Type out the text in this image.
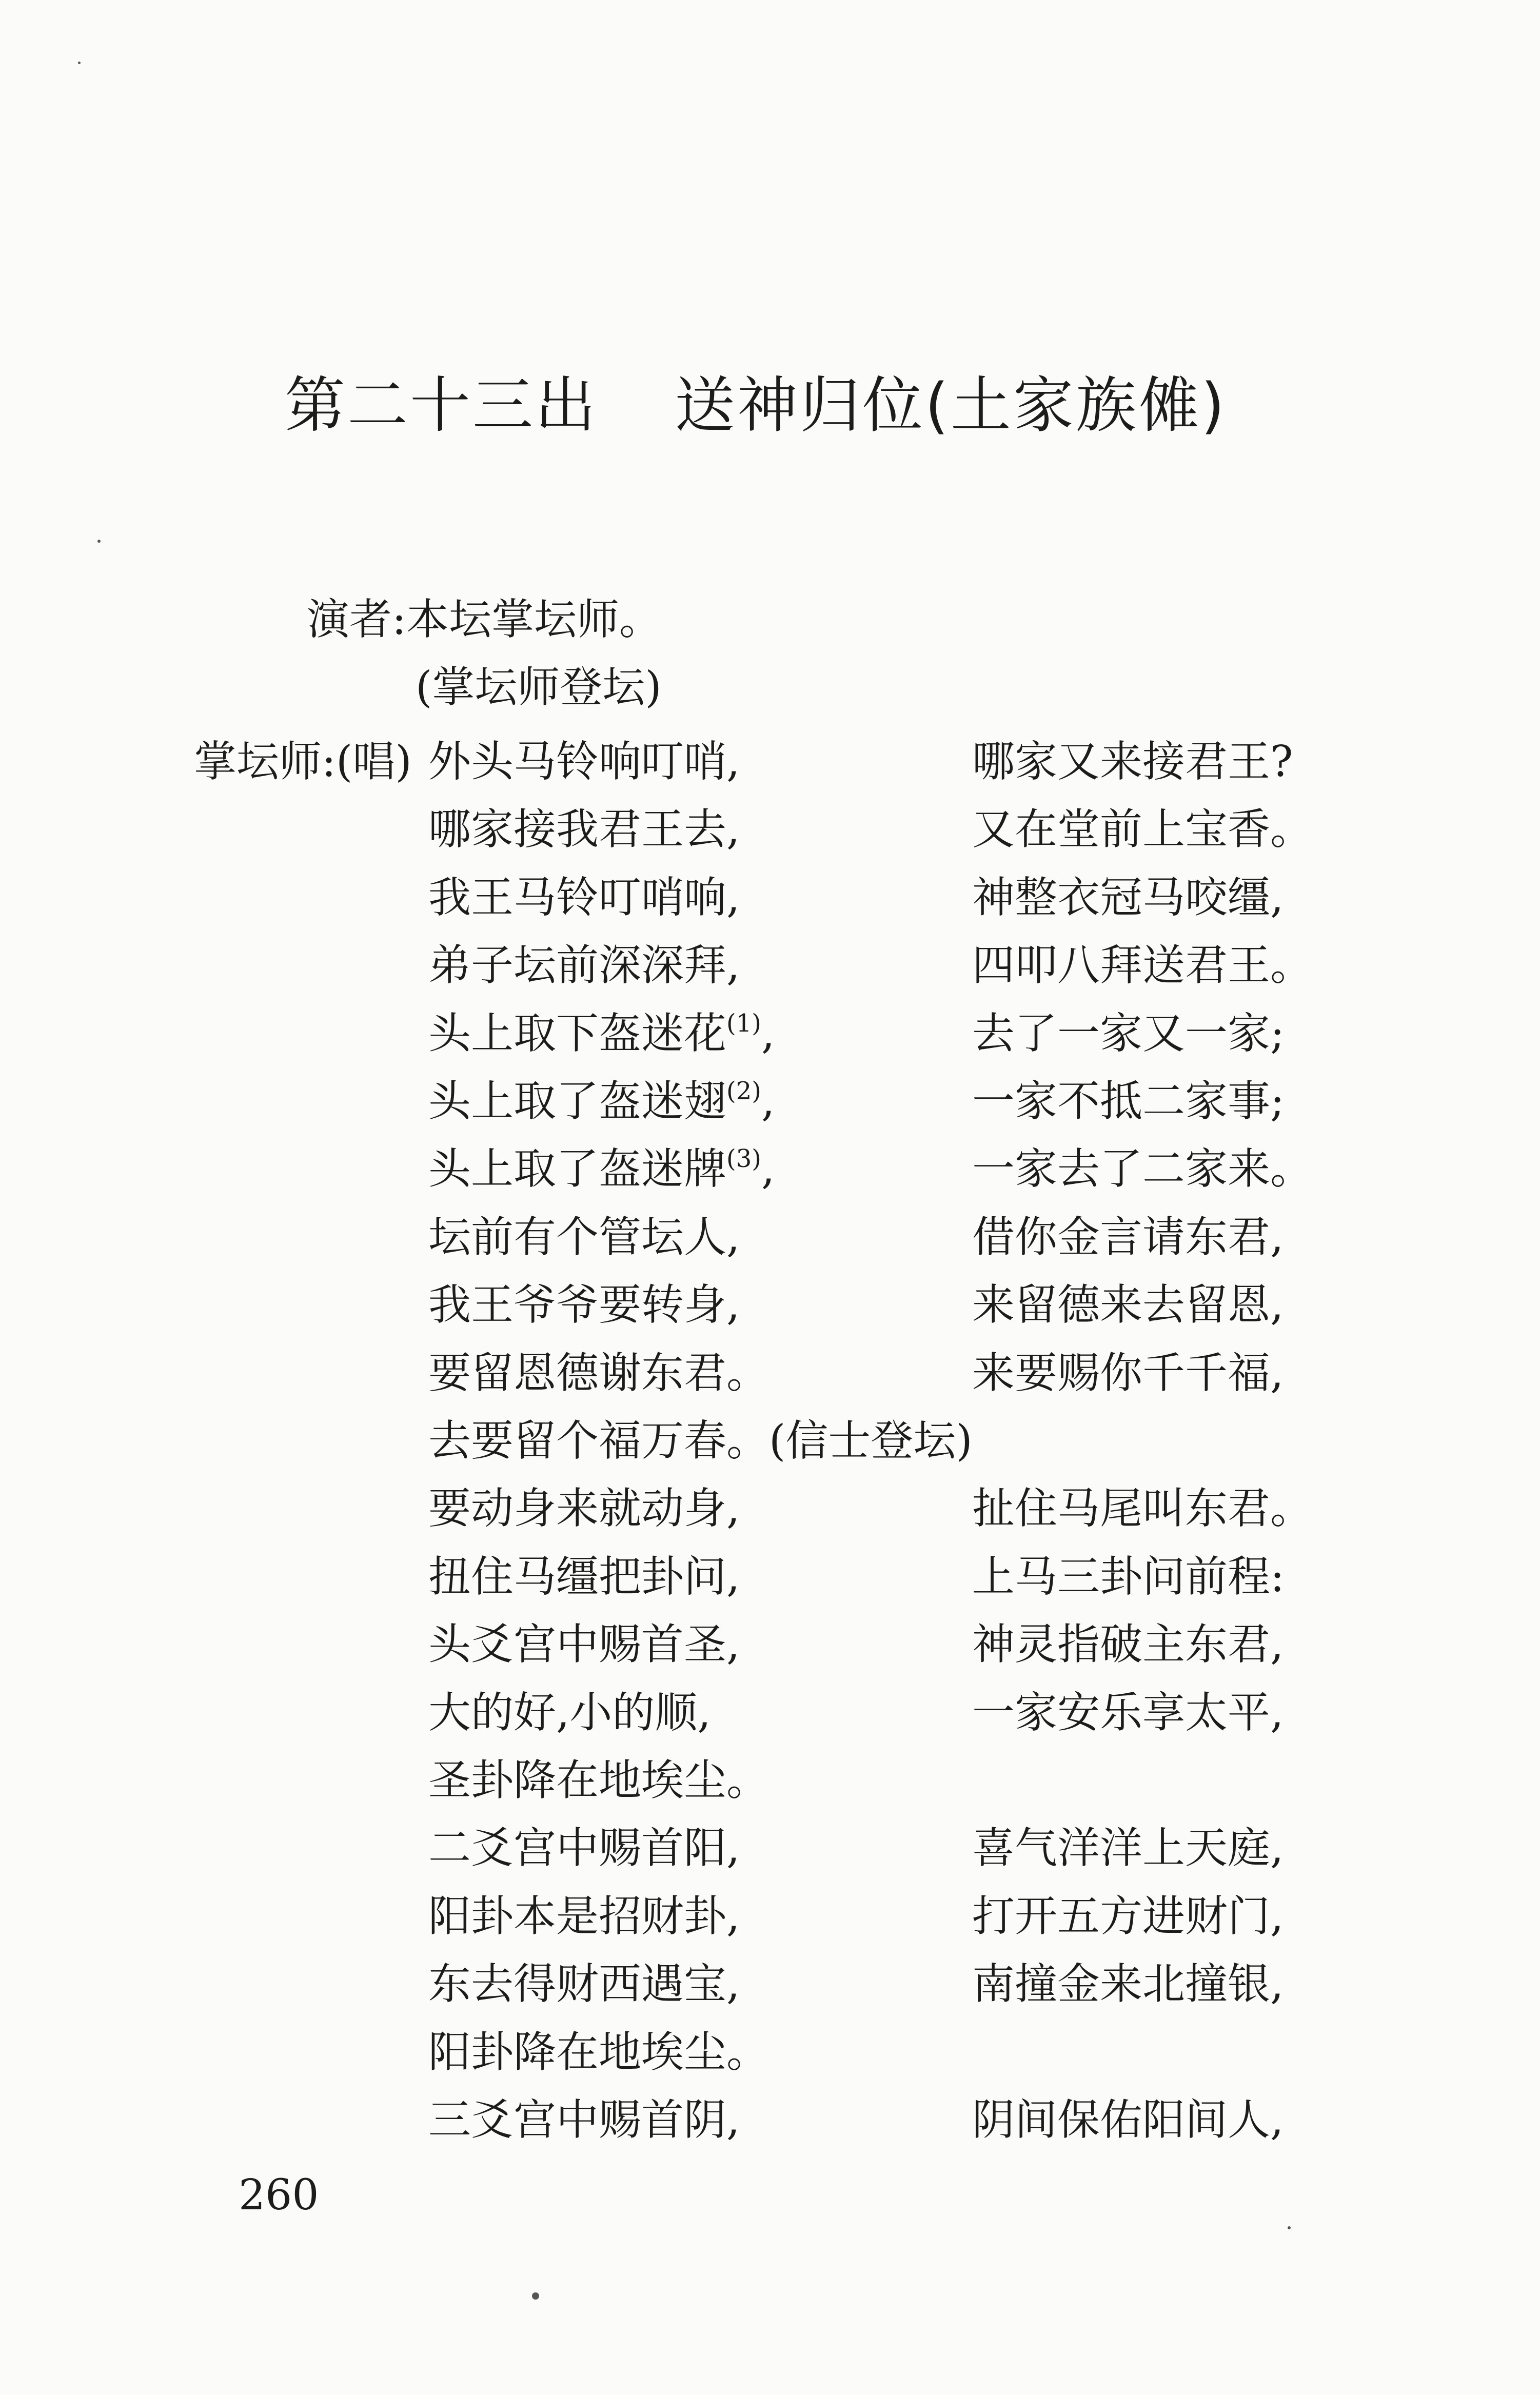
第二十三出 送神归位(土家族傩)
演者:本坛掌坛师。
(掌坛师登坛)
掌坛师:(唱) 外头马铃响叮哨,	哪家又来接君王?
哪家接我君王去,	又在堂前上宝香。
我王马铃叮哨响,	神整衣冠马咬缰,
弟子坛前深深拜,	四叩八拜送君王。
头上取下盔迷花$^{(1)}$,	去了一家又一家;
头上取了盔迷翅$^{(2)}$,	一家不抵二家事;
头上取了盔迷牌$^{(3)}$,	一家去了二家来。
坛前有个管坛人,	借你金言请东君,
我王爷爷要转身,	来留德来去留恩,
要留恩德谢东君。	来要赐你千千福,
去要留个福万春。(信士登坛)
要动身来就动身,	扯住马尾叫东君。
扭住马缰把卦问,	上马三卦问前程:
头爻宫中赐首圣,	神灵指破主东君,
大的好,小的顺,	一家安乐享太平,
圣卦降在地埃尘。
二爻宫中赐首阳,	喜气洋洋上天庭,
阳卦本是招财卦,	打开五方进财门,
东去得财西遇宝,	南撞金来北撞银,
阳卦降在地埃尘。
三爻宫中赐首阴,	阴间保佑阳间人,
260
